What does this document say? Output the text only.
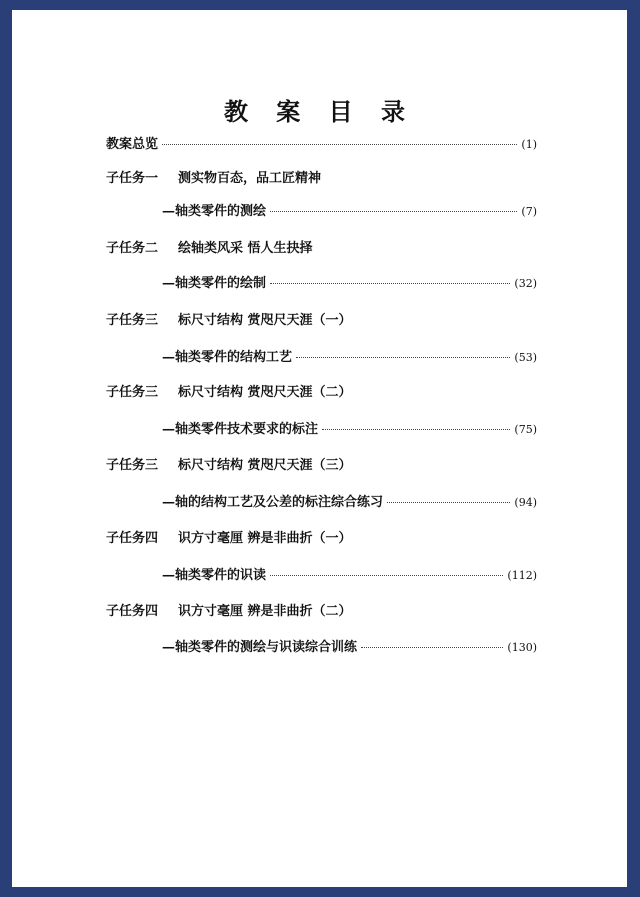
教 案 目 录
教案总览	(1)
子任务一	测实物百态，品工匠精神
—轴类零件的测绘	(7)
子任务二	绘轴类风采 悟人生抉择
—轴类零件的绘制	(32)
子任务三	标尺寸结构 赏咫尺天涯（一）
—轴类零件的结构工艺	(53)
子任务三	标尺寸结构 赏咫尺天涯（二）
—轴类零件技术要求的标注	(75)
子任务三	标尺寸结构 赏咫尺天涯（三）
—轴的结构工艺及公差的标注综合练习	(94)
子任务四	识方寸毫厘 辨是非曲折（一）
—轴类零件的识读	(112)
子任务四	识方寸毫厘 辨是非曲折（二）
—轴类零件的测绘与识读综合训练	(130)
